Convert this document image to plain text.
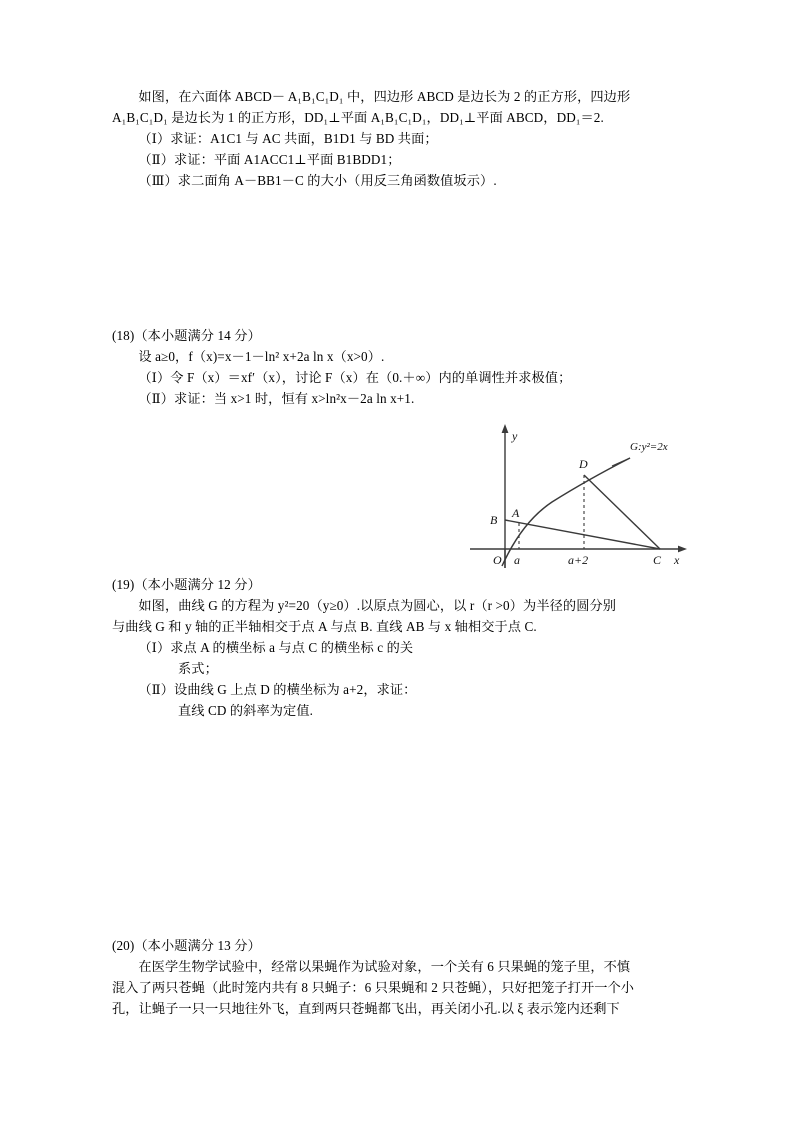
如图，在六面体 ABCD－ A₁B₁C₁D₁ 中，四边形 ABCD 是边长为 2 的正方形，四边形

A₁B₁C₁D₁ 是边长为 1 的正方形，DD₁⊥平面 A₁B₁C₁D₁，DD₁⊥平面 ABCD，DD₁＝2.

（Ⅰ）求证：A1C1 与 AC 共面，B1D1 与 BD 共面；

（Ⅱ）求证：平面 A1ACC1⊥平面 B1BDD1；

（Ⅲ）求二面角 A－BB1－C 的大小（用反三角函数值坂示）.

(18)（本小题满分 14 分）

设 a≥0，f（x)=x－1－ln² x+2a ln x（x>0）.

（Ⅰ）令 F（x）＝xf′（x），讨论 F（x）在（0.＋∞）内的单调性并求极值；

（Ⅱ）求证：当 x>1 时，恒有 x>ln²x－2a ln x+1.

y
x
O a	a+2	C
B A
D
G:y²=2x

(19)（本小题满分 12 分）

如图，曲线 G 的方程为 y²=20（y≥0）.以原点为圆心，以 r（r >0）为半径的圆分别

与曲线 G 和 y 轴的正半轴相交于点 A 与点 B. 直线 AB 与 x 轴相交于点 C.

（Ⅰ）求点 A 的横坐标 a 与点 C 的横坐标 c 的关

系式；

（Ⅱ）设曲线 G 上点 D 的横坐标为 a+2，求证：

直线 CD 的斜率为定值.

(20)（本小题满分 13 分）

在医学生物学试验中，经常以果蝇作为试验对象，一个关有 6 只果蝇的笼子里，不慎

混入了两只苍蝇（此时笼内共有 8 只蝇子：6 只果蝇和 2 只苍蝇），只好把笼子打开一个小

孔，让蝇子一只一只地往外飞，直到两只苍蝇都飞出，再关闭小孔.以 ξ 表示笼内还剩下
